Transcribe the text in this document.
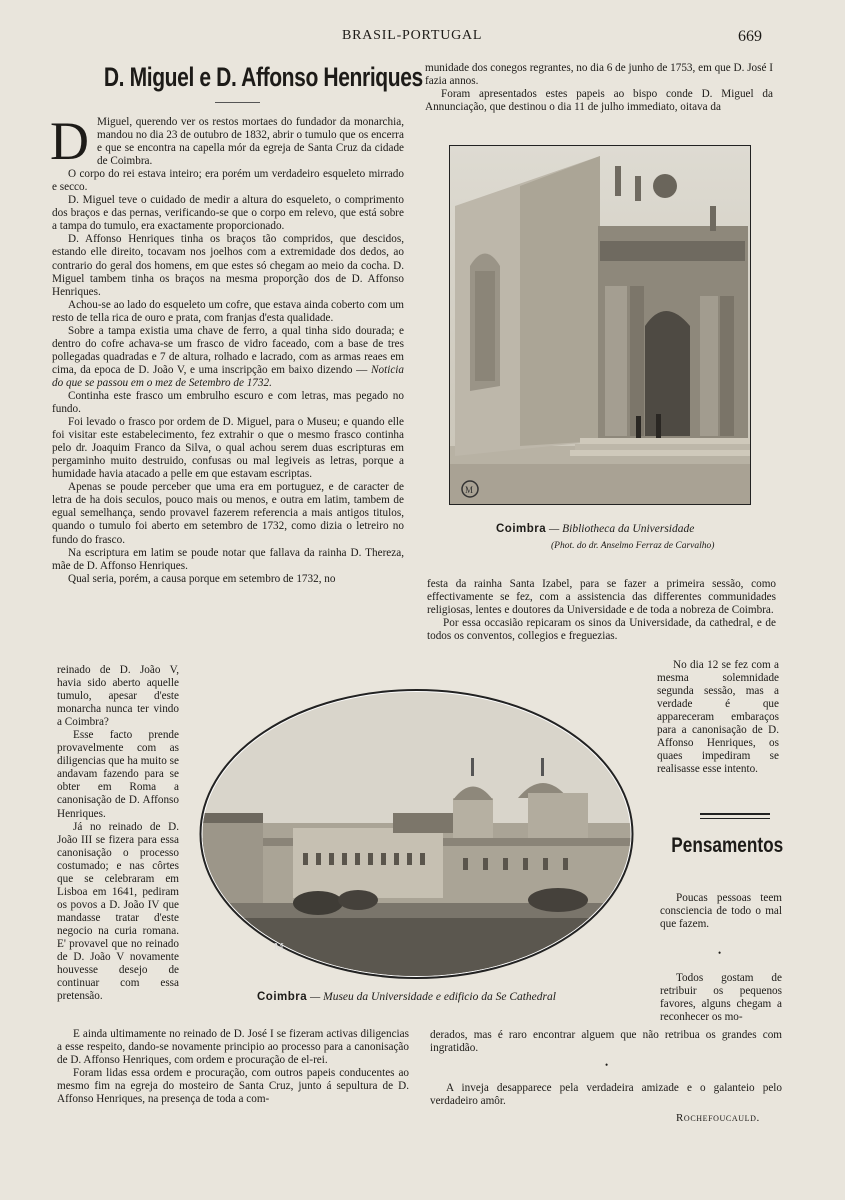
BRASIL-PORTUGAL	669
D. Miguel e D. Affonso Henriques
D Miguel, querendo ver os restos mortaes do fundador da monarchia, mandou no dia 23 de outubro de 1832, abrir o tumulo que os encerra e que se encontra na capella mór da egreja de Santa Cruz da cidade de Coimbra.

O corpo do rei estava inteiro; era porém um verdadeiro esqueleto mirrado e secco.

D. Miguel teve o cuidado de medir a altura do esqueleto, o comprimento dos braços e das pernas, verificando-se que o corpo em relevo, que está sobre a tampa do tumulo, era exactamente proporcionado.

D. Affonso Henriques tinha os braços tão compridos, que descidos, estando elle direito, tocavam nos joelhos com a extremidade dos dedos, ao contrario do geral dos homens, em que estes só chegam ao meio da cocha. D. Miguel tambem tinha os braços na mesma proporção dos de D. Affonso Henriques.

Achou-se ao lado do esqueleto um cofre, que estava ainda coberto com um resto de tella rica de ouro e prata, com franjas d'esta qualidade.

Sobre a tampa existia uma chave de ferro, a qual tinha sido dourada; e dentro do cofre achava-se um frasco de vidro faceado, com a base de tres pollegadas quadradas e 7 de altura, rolhado e lacrado, com as armas reaes em cima, da epoca de D. João V, e uma inscripção em baixo dizendo — Noticia do que se passou em o mez de Setembro de 1732.

Continha este frasco um embrulho escuro e com letras, mas pegado no fundo.

Foi levado o frasco por ordem de D. Miguel, para o Museu; e quando elle foi visitar este estabelecimento, fez extrahir o que o mesmo frasco continha pelo dr. Joaquim Franco da Silva, o qual achou serem duas escripturas em pergaminho muito destruido, confusas ou mal legiveis as letras, porque a humidade havia atacado a pelle em que estavam escriptas.

Apenas se poude perceber que uma era em portuguez, e de caracter de letra de ha dois seculos, pouco mais ou menos, e outra em latim, tambem de egual semelhança, sendo provavel fazerem referencia a mais antigos titulos, quando o tumulo foi aberto em setembro de 1732, como dizia o letreiro no fundo do frasco.

Na escriptura em latim se poude notar que fallava da rainha D. Thereza, mãe de D. Affonso Henriques.

Qual seria, porém, a causa porque em setembro de 1732, no

reinado de D. João V, havia sido aberto aquelle tumulo, apesar d'este monarcha nunca ter vindo a Coimbra?

Esse facto prende provavelmente com as diligencias que ha muito se andavam fazendo para se obter em Roma a canonisação de D. Affonso Henriques.

Já no reinado de D. João III se fizera para essa canonisação o processo costumado; e nas côrtes que se celebraram em Lisboa em 1641, pediram os povos a D. João IV que mandasse tratar d'este negocio na curia romana. E' provavel que no reinado de D. João V novamente houvesse desejo de continuar com essa pretensão.

E ainda ultimamente no reinado de D. José I se fizeram activas diligencias a esse respeito, dando-se novamente principio ao processo para a canonisação de D. Affonso Henriques, com ordem e procuração de el-rei.

Foram lidas essa ordem e procuração, com outros papeis conducentes ao mesmo fim na egreja do mosteiro de Santa Cruz, junto á sepultura de D. Affonso Henriques, na presença de toda a com-

munidade dos conegos regrantes, no dia 6 de junho de 1753, em que D. José I fazia annos.

Foram apresentados estes papeis ao bispo conde D. Miguel da Annunciação, que destinou o dia 11 de julho immediato, oitava da

M
Coimbra — Bibliotheca da Universidade
(Phot. do dr. Anselmo Ferraz de Carvalho)

festa da rainha Santa Izabel, para se fazer a primeira sessão, como effectivamente se fez, com a assistencia das differentes communidades religiosas, lentes e doutores da Universidade e de toda a nobreza de Coimbra.

Por essa occasião repicaram os sinos da Universidade, da cathedral, e de todos os conventos, collegios e freguezias.

No dia 12 se fez com a mesma solemnidade segunda sessão, mas a verdade é que appareceram embaraços para a canonisação de D. Affonso Henriques, os quaes impediram se realisasse esse intento.

M
Coimbra — Museu da Universidade e edificio da Se Cathedral
Pensamentos

Poucas pessoas teem consciencia de todo o mal que fazem.

•

Todos gostam de retribuir os pequenos favores, alguns chegam a reconhecer os mo-

derados, mas é raro encontrar alguem que não retribua os grandes com ingratidão.

•

A inveja desapparece pela verdadeira amizade e o galanteio pelo verdadeiro amôr.

Rochefoucauld.
